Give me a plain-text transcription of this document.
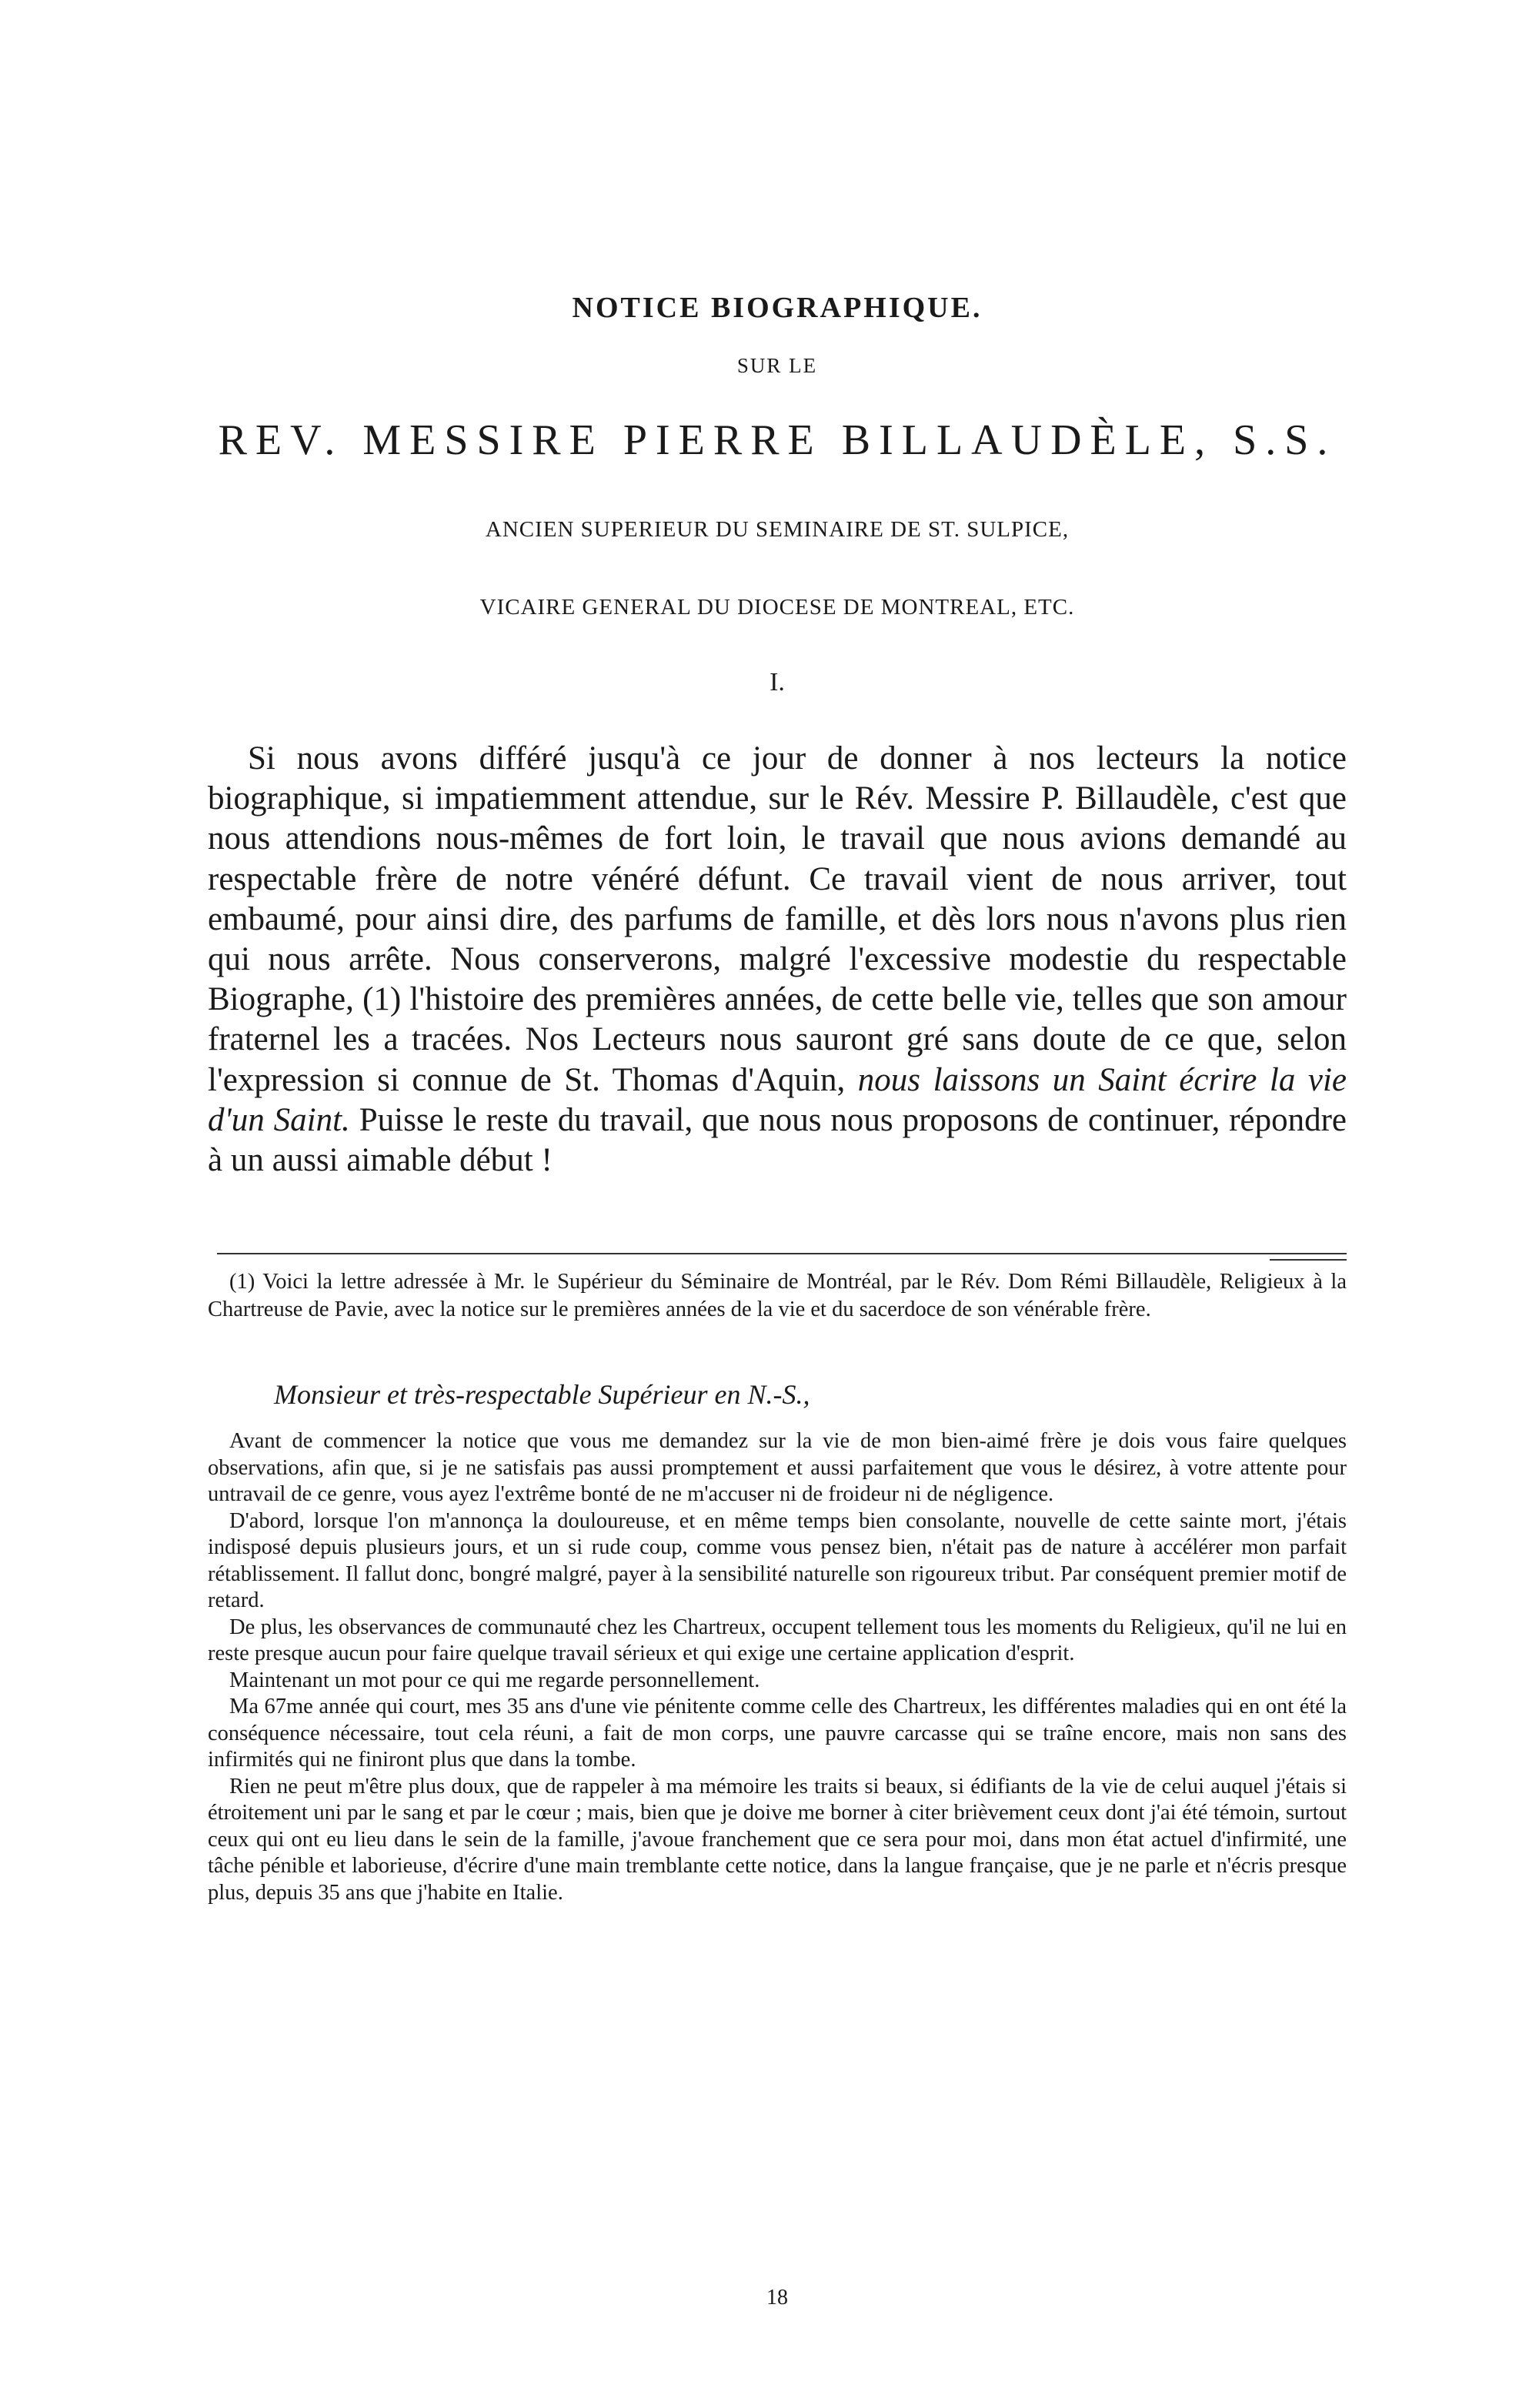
NOTICE BIOGRAPHIQUE.
SUR LE
REV. MESSIRE PIERRE BILLAUDÈLE, S.S.
ANCIEN SUPERIEUR DU SEMINAIRE DE ST. SULPICE,
VICAIRE GENERAL DU DIOCESE DE MONTREAL, ETC.
I.

Si nous avons différé jusqu'à ce jour de donner à nos lecteurs la notice biographique, si impatiemment attendue, sur le Rév. Messire P. Billaudèle, c'est que nous attendions nous-mêmes de fort loin, le travail que nous avions demandé au respectable frère de notre vénéré défunt. Ce travail vient de nous arriver, tout embaumé, pour ainsi dire, des parfums de famille, et dès lors nous n'avons plus rien qui nous arrête. Nous conserverons, malgré l'excessive modestie du respectable Biographe, (1) l'histoire des premières années, de cette belle vie, telles que son amour fraternel les a tracées. Nos Lecteurs nous sauront gré sans doute de ce que, selon l'expression si connue de St. Thomas d'Aquin, nous laissons un Saint écrire la vie d'un Saint. Puisse le reste du travail, que nous nous proposons de continuer, répondre à un aussi aimable début !

(1) Voici la lettre adressée à Mr. le Supérieur du Séminaire de Montréal, par le Rév. Dom Rémi Billaudèle, Religieux à la Chartreuse de Pavie, avec la notice sur le premières années de la vie et du sacerdoce de son vénérable frère.

Monsieur et très-respectable Supérieur en N.-S.,

Avant de commencer la notice que vous me demandez sur la vie de mon bien-aimé frère je dois vous faire quelques observations, afin que, si je ne satisfais pas aussi promptement et aussi parfaitement que vous le désirez, à votre attente pour untravail de ce genre, vous ayez l'extrême bonté de ne m'accuser ni de froideur ni de négligence.

D'abord, lorsque l'on m'annonça la douloureuse, et en même temps bien consolante, nouvelle de cette sainte mort, j'étais indisposé depuis plusieurs jours, et un si rude coup, comme vous pensez bien, n'était pas de nature à accélérer mon parfait rétablissement. Il fallut donc, bongré malgré, payer à la sensibilité naturelle son rigoureux tribut. Par conséquent premier motif de retard.

De plus, les observances de communauté chez les Chartreux, occupent tellement tous les moments du Religieux, qu'il ne lui en reste presque aucun pour faire quelque travail sérieux et qui exige une certaine application d'esprit.

Maintenant un mot pour ce qui me regarde personnellement.

Ma 67me année qui court, mes 35 ans d'une vie pénitente comme celle des Chartreux, les différentes maladies qui en ont été la conséquence nécessaire, tout cela réuni, a fait de mon corps, une pauvre carcasse qui se traîne encore, mais non sans des infirmités qui ne finiront plus que dans la tombe.

Rien ne peut m'être plus doux, que de rappeler à ma mémoire les traits si beaux, si édifiants de la vie de celui auquel j'étais si étroitement uni par le sang et par le cœur ; mais, bien que je doive me borner à citer brièvement ceux dont j'ai été témoin, surtout ceux qui ont eu lieu dans le sein de la famille, j'avoue franchement que ce sera pour moi, dans mon état actuel d'infirmité, une tâche pénible et laborieuse, d'écrire d'une main tremblante cette notice, dans la langue française, que je ne parle et n'écris presque plus, depuis 35 ans que j'habite en Italie.

18
